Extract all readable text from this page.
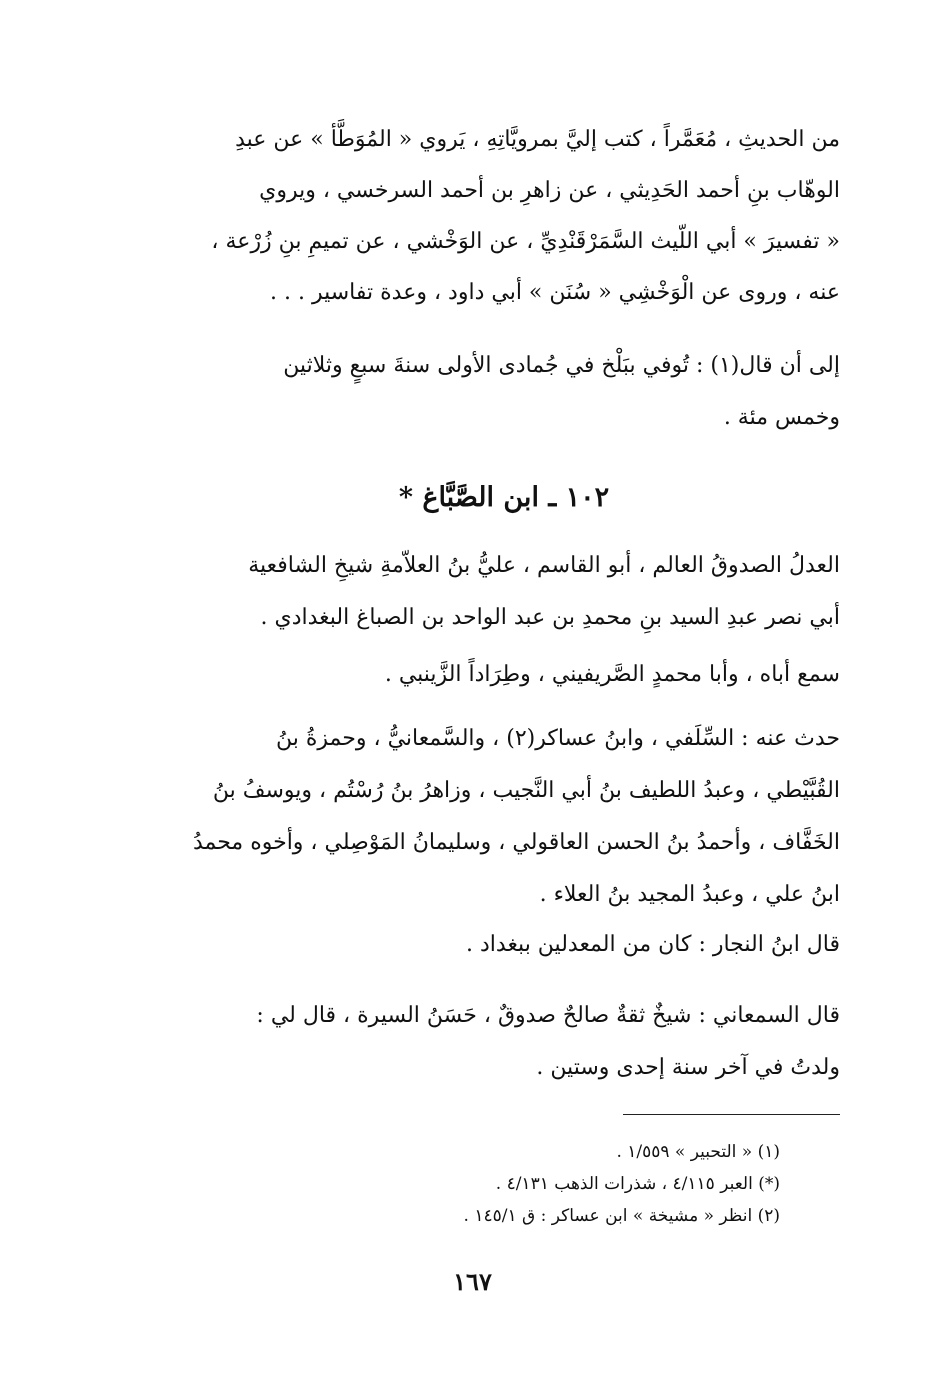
من الحديثِ ، مُعَمَّراً ، كتب إليَّ بمرويَّاتِهِ ، يَروي « المُوَطَّأ » عن عبدِ
الوهّاب بنِ أحمد الحَدِيثي ، عن زاهرِ بن أحمد السرخسي ، ويروي
« تفسيرَ » أبي اللّيث السَّمَرْقَنْدِيِّ ، عن الوَخْشي ، عن تميمِ بنِ زُرْعة ،
عنه ، وروى عن الْوَخْشِي « سُنَن » أبي داود ، وعدة تفاسير . . .
إلى أن قال(١) : تُوفي ببَلْخ في جُمادى الأولى سنةَ سبعٍ وثلاثين
وخمس مئة .
١٠٢ ـ ابن الصَّبَّاغ *
العدلُ الصدوقُ العالم ، أبو القاسم ، عليُّ بنُ العلاّمةِ شيخِ الشافعية
أبي نصر عبدِ السيد بنِ محمدِ بن عبد الواحد بن الصباغ البغدادي .
سمع أباه ، وأبا محمدٍ الصَّريفيني ، وطِرَاداً الزَّينبي .
حدث عنه : السِّلَفي ، وابنُ عساكر(٢) ، والسَّمعانيُّ ، وحمزةُ بنُ
القُبَّيْطي ، وعبدُ اللطيف بنُ أبي النَّجيب ، وزاهرُ بنُ رُسْتُم ، ويوسفُ بنُ
الخَفَّاف ، وأحمدُ بنُ الحسن العاقولي ، وسليمانُ المَوْصِلي ، وأخوه محمدُ
ابنُ علي ، وعبدُ المجيد بنُ العلاء .
قال ابنُ النجار : كان من المعدلين ببغداد .
قال السمعاني : شيخٌ ثقةٌ صالحٌ صدوقٌ ، حَسَنُ السيرة ، قال لي :
ولدتُ في آخر سنة إحدى وستين .
(١) « التحبير » ١/٥٥٩ .
(*) العبر ٤/١١٥ ، شذرات الذهب ٤/١٣١ .
(٢) انظر « مشيخة » ابن عساكر : ق ١٤٥/١ .
١٦٧
